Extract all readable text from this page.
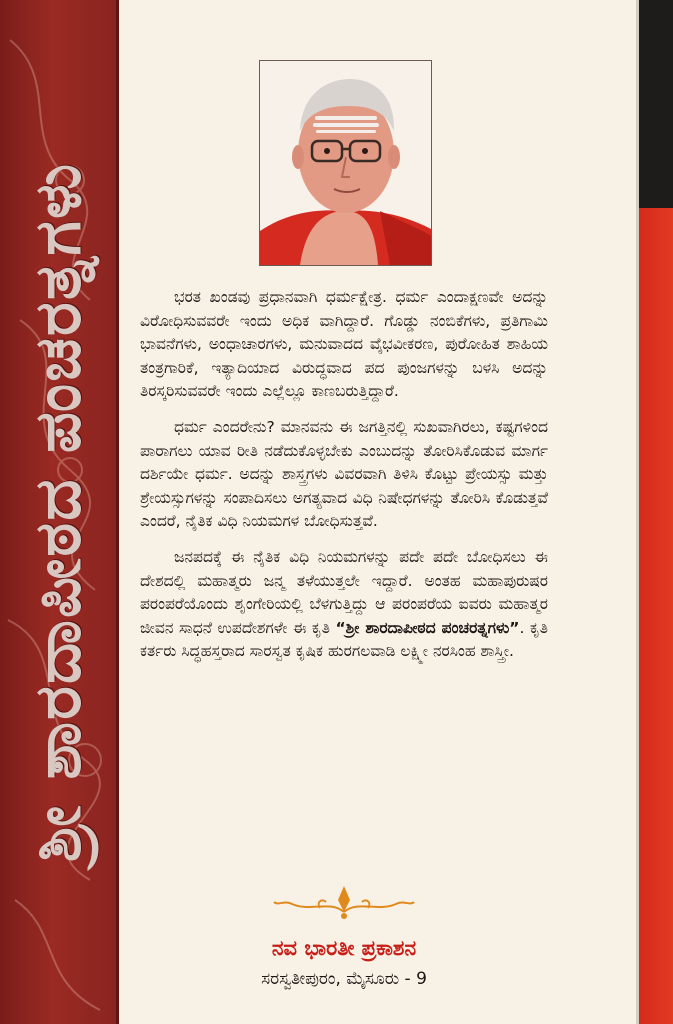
ಶ್ರೀ ಶಾರದಾಪೀಠದ ಪಂಚರತ್ನಗಳು	ಭರತ ಖಂಡವು ಪ್ರಧಾನವಾಗಿ ಧರ್ಮಕ್ಷೇತ್ರ. ಧರ್ಮ ಎಂದಾಕ್ಷಣವೇ ಅದನ್ನು ವಿರೋಧಿಸುವವರೇ ಇಂದು ಅಧಿಕ ವಾಗಿದ್ದಾರೆ. ಗೊಡ್ಡು ನಂಬಿಕೆಗಳು, ಪ್ರತಿಗಾಮಿ ಭಾವನೆಗಳು, ಅಂಧಾಚಾರಗಳು, ಮನುವಾದದ ವೈಭವೀಕರಣ, ಪುರೋಹಿತ ಶಾಹಿಯ ತಂತ್ರಗಾರಿಕೆ, ಇತ್ಯಾದಿಯಾದ ವಿರುದ್ಧವಾದ ಪದ ಪುಂಜಗಳನ್ನು ಬಳಸಿ ಅದನ್ನು ತಿರಸ್ಕರಿಸುವವರೇ ಇಂದು ಎಲ್ಲೆಲ್ಲೂ ಕಾಣಬರುತ್ತಿದ್ದಾರೆ.

ಧರ್ಮ ಎಂದರೇನು? ಮಾನವನು ಈ ಜಗತ್ತಿನಲ್ಲಿ ಸುಖವಾಗಿರಲು, ಕಷ್ಟಗಳಿಂದ ಪಾರಾಗಲು ಯಾವ ರೀತಿ ನಡೆದುಕೊಳ್ಳಬೇಕು ಎಂಬುದನ್ನು ತೋರಿಸಿಕೊಡುವ ಮಾರ್ಗ ದರ್ಶಿಯೇ ಧರ್ಮ. ಅದನ್ನು ಶಾಸ್ತ್ರಗಳು ವಿವರವಾಗಿ ತಿಳಿಸಿ ಕೊಟ್ಟು ಪ್ರೇಯಸ್ಸು ಮತ್ತು ಶ್ರೇಯಸ್ಸುಗಳನ್ನು ಸಂಪಾದಿಸಲು ಅಗತ್ಯವಾದ ವಿಧಿ ನಿಷೇಧಗಳನ್ನು ತೋರಿಸಿ ಕೊಡುತ್ತವೆ ಎಂದರೆ, ನೈತಿಕ ವಿಧಿ ನಿಯಮಗಳ ಬೋಧಿಸುತ್ತವೆ.

ಜನಪದಕ್ಕೆ ಈ ನೈತಿಕ ವಿಧಿ ನಿಯಮಗಳನ್ನು ಪದೇ ಪದೇ ಬೋಧಿಸಲು ಈ ದೇಶದಲ್ಲಿ ಮಹಾತ್ಮರು ಜನ್ಮ ತಳೆಯುತ್ತಲೇ ಇದ್ದಾರೆ. ಅಂತಹ ಮಹಾಪುರುಷರ ಪರಂಪರೆಯೊಂದು ಶೃಂಗೇರಿಯಲ್ಲಿ ಬೆಳಗುತ್ತಿದ್ದು ಆ ಪರಂಪರೆಯ ಐವರು ಮಹಾತ್ಮರ ಜೀವನ ಸಾಧನೆ ಉಪದೇಶಗಳೇ ಈ ಕೃತಿ “ಶ್ರೀ ಶಾರದಾಪೀಠದ ಪಂಚರತ್ನಗಳು”. ಕೃತಿ ಕರ್ತರು ಸಿದ್ಧಹಸ್ತರಾದ ಸಾರಸ್ವತ ಕೃಷಿಕ ಹುರಗಲವಾಡಿ ಲಕ್ಷ್ಮೀ ನರಸಿಂಹ ಶಾಸ್ತ್ರೀ.

ನವ ಭಾರತೀ ಪ್ರಕಾಶನ
ಸರಸ್ವತೀಪುರಂ, ಮೈಸೂರು - 9
